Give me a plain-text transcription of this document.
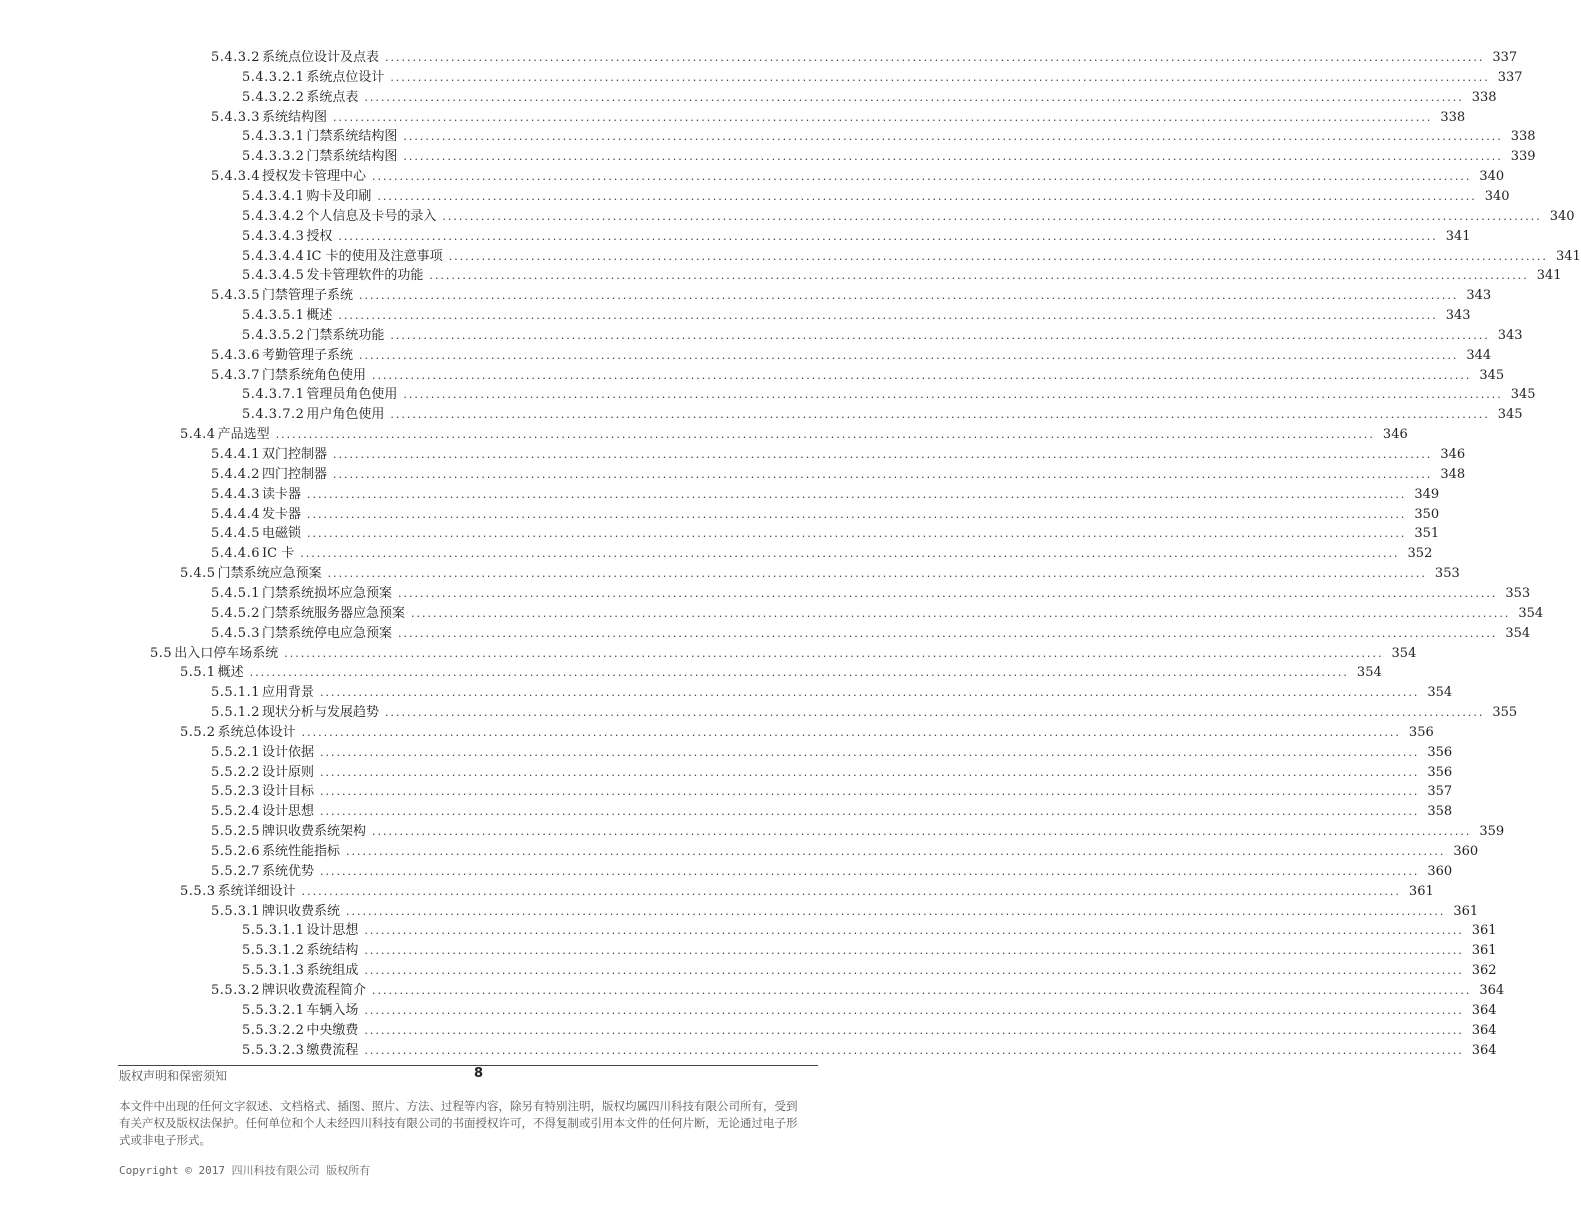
5.4.3.2 系统点位设计及点表 ........................................................................................................................................................................................................ 337
5.4.3.2.1 系统点位设计 ........................................................................................................................................................................................................ 337
5.4.3.2.2 系统点表 ........................................................................................................................................................................................................ 338
5.4.3.3 系统结构图 ........................................................................................................................................................................................................ 338
5.4.3.3.1 门禁系统结构图 ........................................................................................................................................................................................................ 338
5.4.3.3.2 门禁系统结构图 ........................................................................................................................................................................................................ 339
5.4.3.4 授权发卡管理中心 ........................................................................................................................................................................................................ 340
5.4.3.4.1 购卡及印刷 ........................................................................................................................................................................................................ 340
5.4.3.4.2 个人信息及卡号的录入 ........................................................................................................................................................................................................ 340
5.4.3.4.3 授权 ........................................................................................................................................................................................................ 341
5.4.3.4.4 IC 卡的使用及注意事项 ........................................................................................................................................................................................................ 341
5.4.3.4.5 发卡管理软件的功能 ........................................................................................................................................................................................................ 341
5.4.3.5 门禁管理子系统 ........................................................................................................................................................................................................ 343
5.4.3.5.1 概述 ........................................................................................................................................................................................................ 343
5.4.3.5.2 门禁系统功能 ........................................................................................................................................................................................................ 343
5.4.3.6 考勤管理子系统 ........................................................................................................................................................................................................ 344
5.4.3.7 门禁系统角色使用 ........................................................................................................................................................................................................ 345
5.4.3.7.1 管理员角色使用 ........................................................................................................................................................................................................ 345
5.4.3.7.2 用户角色使用 ........................................................................................................................................................................................................ 345
5.4.4 产品选型 ........................................................................................................................................................................................................ 346
5.4.4.1 双门控制器 ........................................................................................................................................................................................................ 346
5.4.4.2 四门控制器 ........................................................................................................................................................................................................ 348
5.4.4.3 读卡器 ........................................................................................................................................................................................................ 349
5.4.4.4 发卡器 ........................................................................................................................................................................................................ 350
5.4.4.5 电磁锁 ........................................................................................................................................................................................................ 351
5.4.4.6 IC 卡 ........................................................................................................................................................................................................ 352
5.4.5 门禁系统应急预案 ........................................................................................................................................................................................................ 353
5.4.5.1 门禁系统损坏应急预案 ........................................................................................................................................................................................................ 353
5.4.5.2 门禁系统服务器应急预案 ........................................................................................................................................................................................................ 354
5.4.5.3 门禁系统停电应急预案 ........................................................................................................................................................................................................ 354
5.5 出入口停车场系统 ........................................................................................................................................................................................................ 354
5.5.1 概述 ........................................................................................................................................................................................................ 354
5.5.1.1 应用背景 ........................................................................................................................................................................................................ 354
5.5.1.2 现状分析与发展趋势 ........................................................................................................................................................................................................ 355
5.5.2 系统总体设计 ........................................................................................................................................................................................................ 356
5.5.2.1 设计依据 ........................................................................................................................................................................................................ 356
5.5.2.2 设计原则 ........................................................................................................................................................................................................ 356
5.5.2.3 设计目标 ........................................................................................................................................................................................................ 357
5.5.2.4 设计思想 ........................................................................................................................................................................................................ 358
5.5.2.5 牌识收费系统架构 ........................................................................................................................................................................................................ 359
5.5.2.6 系统性能指标 ........................................................................................................................................................................................................ 360
5.5.2.7 系统优势 ........................................................................................................................................................................................................ 360
5.5.3 系统详细设计 ........................................................................................................................................................................................................ 361
5.5.3.1 牌识收费系统 ........................................................................................................................................................................................................ 361
5.5.3.1.1 设计思想 ........................................................................................................................................................................................................ 361
5.5.3.1.2 系统结构 ........................................................................................................................................................................................................ 361
5.5.3.1.3 系统组成 ........................................................................................................................................................................................................ 362
5.5.3.2 牌识收费流程简介 ........................................................................................................................................................................................................ 364
5.5.3.2.1 车辆入场 ........................................................................................................................................................................................................ 364
5.5.3.2.2 中央缴费 ........................................................................................................................................................................................................ 364
5.5.3.2.3 缴费流程 ........................................................................................................................................................................................................ 364
版权声明和保密须知	8
本文件中出现的任何文字叙述、文档格式、插图、照片、方法、过程等内容，除另有特别注明，版权均属四川科技有限公司所有，受到有关产权及版权法保护。任何单位和个人未经四川科技有限公司的书面授权许可，不得复制或引用本文件的任何片断，无论通过电子形式或非电子形式。
Copyright © 2017 四川科技有限公司 版权所有
